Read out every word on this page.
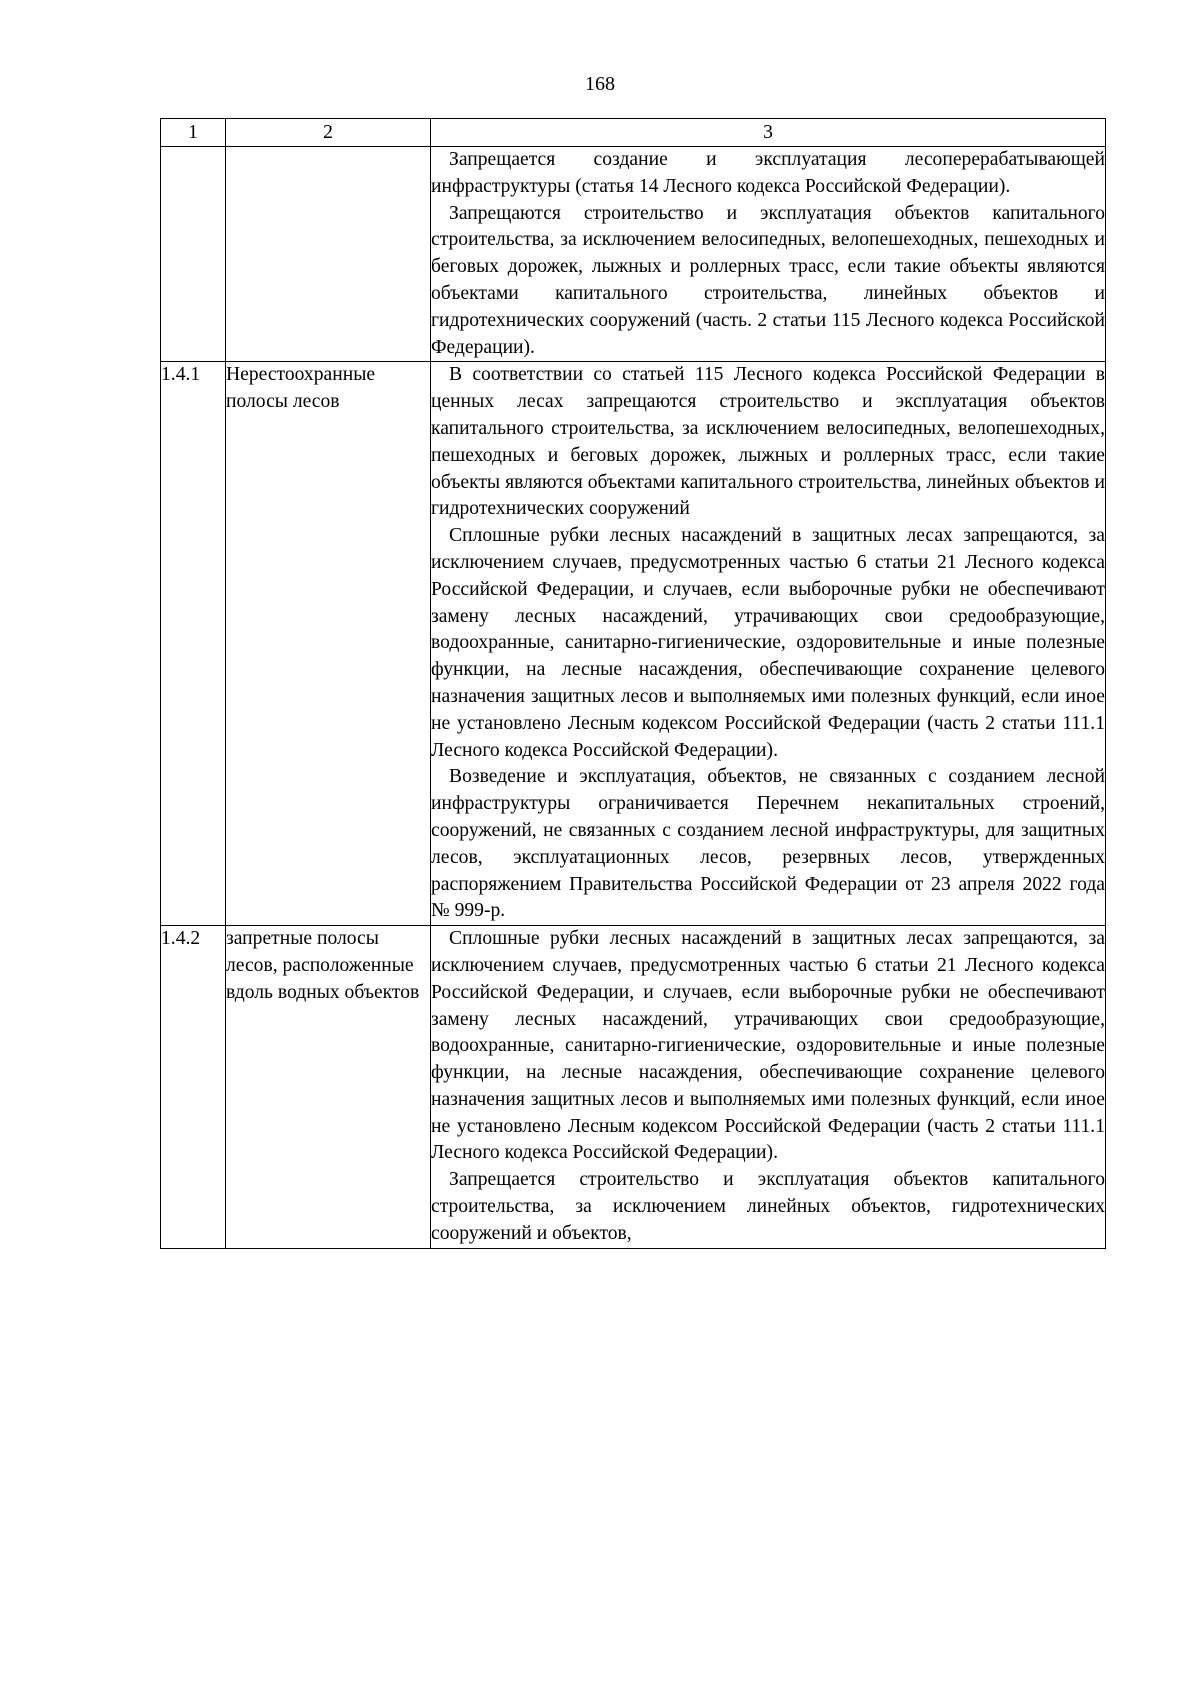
168
1	2	3

		Запрещается создание и эксплуатация лесоперерабатывающей инфраструктуры (статья 14 Лесного кодекса Российской Федерации).

Запрещаются строительство и эксплуатация объектов капитального строительства, за исключением велосипедных, велопешеходных, пешеходных и беговых дорожек, лыжных и роллерных трасс, если такие объекты являются объектами капитального строительства, линейных объектов и гидротехнических сооружений (часть. 2 статьи 115 Лесного кодекса Российской Федерации).

1.4.1	Нерестоохранные полосы лесов	В соответствии со статьей 115 Лесного кодекса Российской Федерации в ценных лесах запрещаются строительство и эксплуатация объектов капитального строительства, за исключением велосипедных, велопешеходных, пешеходных и беговых дорожек, лыжных и роллерных трасс, если такие объекты являются объектами капитального строительства, линейных объектов и гидротехнических сооружений

Сплошные рубки лесных насаждений в защитных лесах запрещаются, за исключением случаев, предусмотренных частью 6 статьи 21 Лесного кодекса Российской Федерации, и случаев, если выборочные рубки не обеспечивают замену лесных насаждений, утрачивающих свои средообразующие, водоохранные, санитарно-гигиенические, оздоровительные и иные полезные функции, на лесные насаждения, обеспечивающие сохранение целевого назначения защитных лесов и выполняемых ими полезных функций, если иное не установлено Лесным кодексом Российской Федерации (часть 2 статьи 111.1 Лесного кодекса Российской Федерации).

Возведение и эксплуатация, объектов, не связанных с созданием лесной инфраструктуры ограничивается Перечнем некапитальных строений, сооружений, не связанных с созданием лесной инфраструктуры, для защитных лесов, эксплуатационных лесов, резервных лесов, утвержденных распоряжением Правительства Российской Федерации от 23 апреля 2022 года № 999-р.

1.4.2	запретные полосы лесов, расположенные вдоль водных объектов	Сплошные рубки лесных насаждений в защитных лесах запрещаются, за исключением случаев, предусмотренных частью 6 статьи 21 Лесного кодекса Российской Федерации, и случаев, если выборочные рубки не обеспечивают замену лесных насаждений, утрачивающих свои средообразующие, водоохранные, санитарно-гигиенические, оздоровительные и иные полезные функции, на лесные насаждения, обеспечивающие сохранение целевого назначения защитных лесов и выполняемых ими полезных функций, если иное не установлено Лесным кодексом Российской Федерации (часть 2 статьи 111.1 Лесного кодекса Российской Федерации).

Запрещается строительство и эксплуатация объектов капитального строительства, за исключением линейных объектов, гидротехнических сооружений и объектов,
